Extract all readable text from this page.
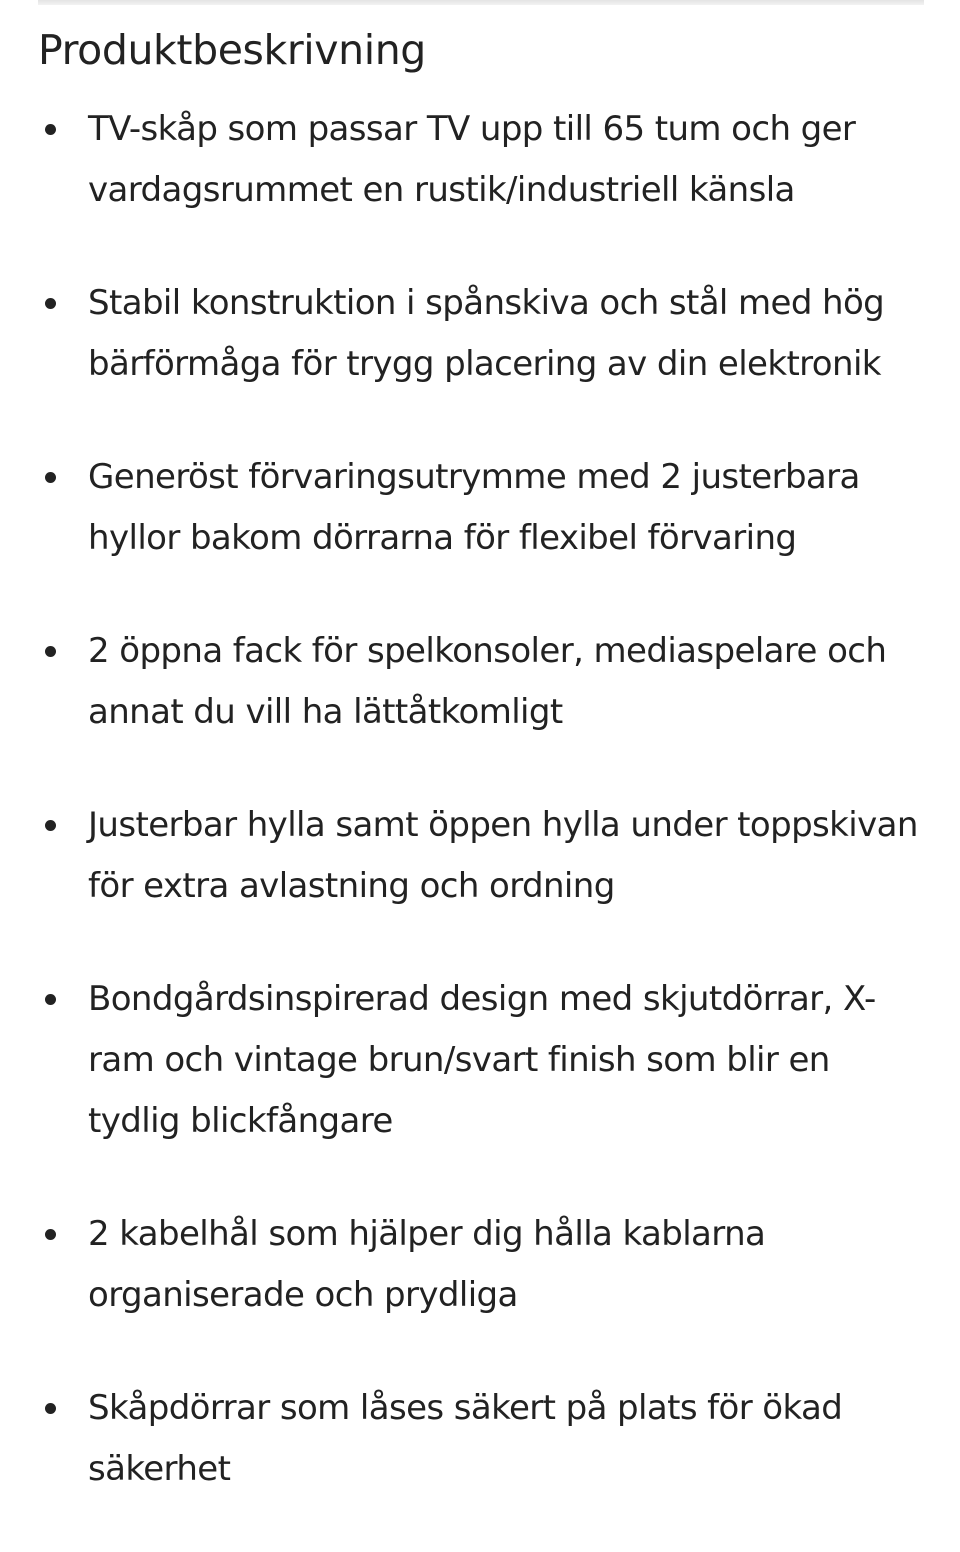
Produktbeskrivning
TV-skåp som passar TV upp till 65 tum och ger vardagsrummet en rustik/industriell känsla
Stabil konstruktion i spånskiva och stål med hög bärförmåga för trygg placering av din elektronik
Generöst förvaringsutrymme med 2 justerbara hyllor bakom dörrarna för flexibel förvaring
2 öppna fack för spelkonsoler, mediaspelare och annat du vill ha lättåtkomligt
Justerbar hylla samt öppen hylla under toppskivan för extra avlastning och ordning
Bondgårdsinspirerad design med skjutdörrar, X-ram och vintage brun/svart finish som blir en tydlig blickfångare
2 kabelhål som hjälper dig hålla kablarna organiserade och prydliga
Skåpdörrar som låses säkert på plats för ökad säkerhet
